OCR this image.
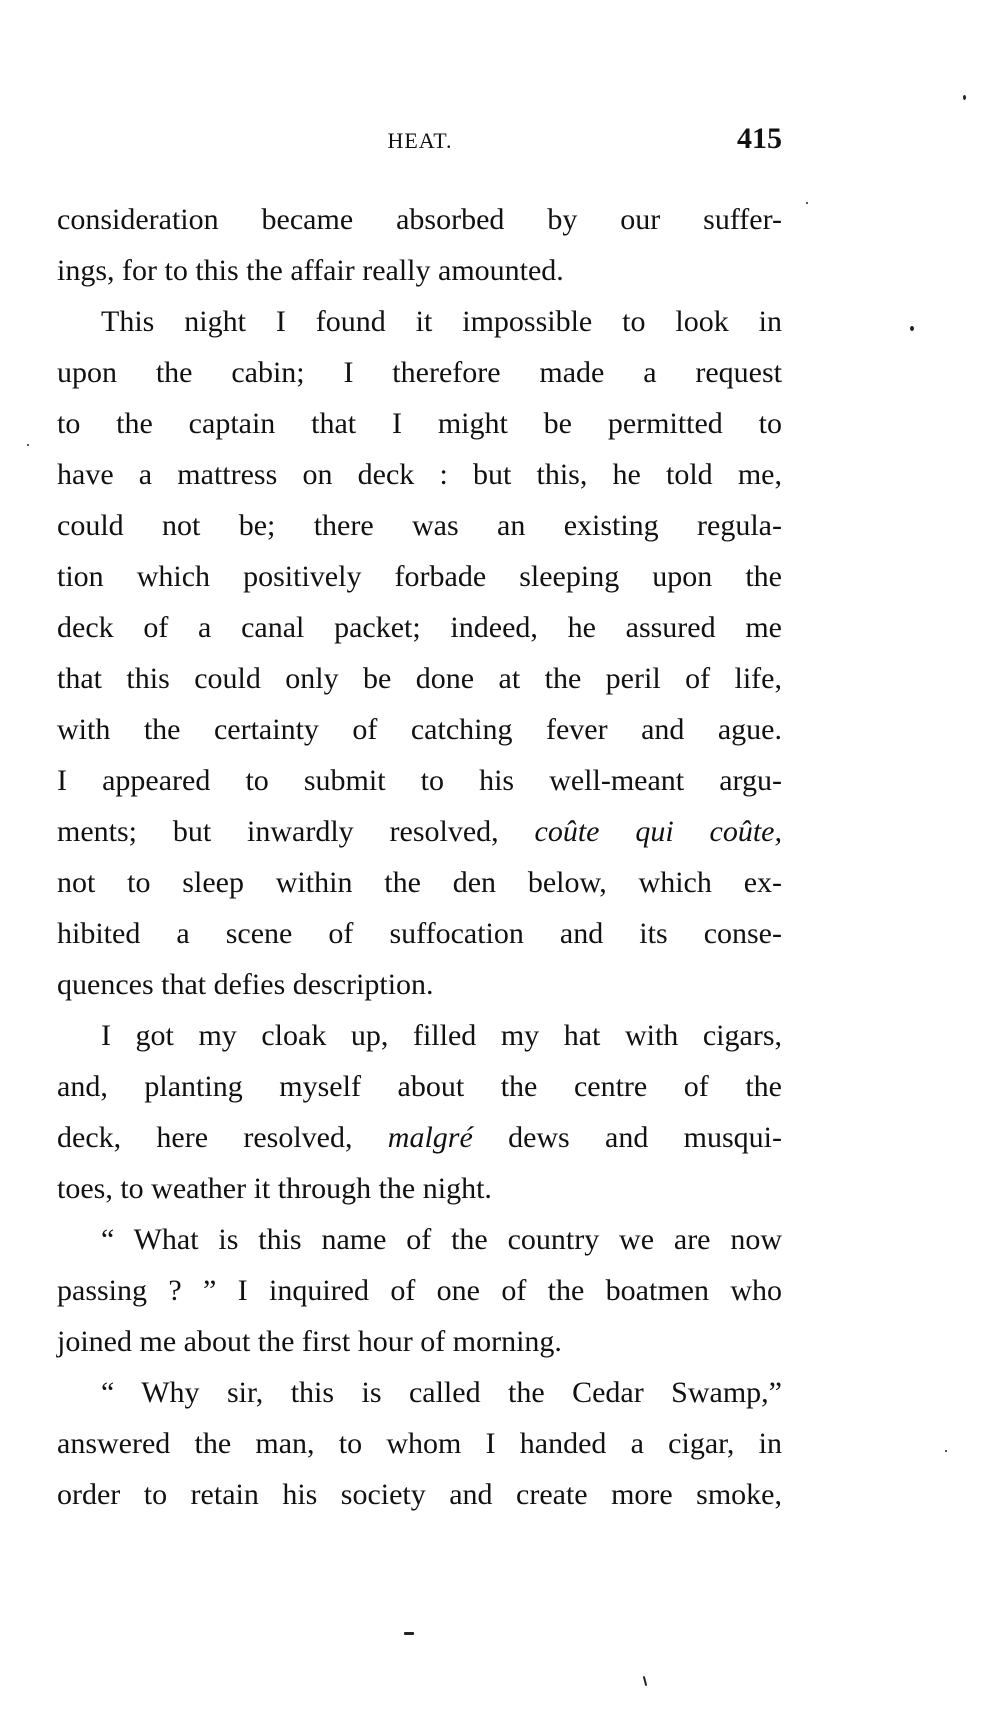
HEAT.	415
consideration became absorbed by our suffer-
ings, for to this the affair really amounted.
This night I found it impossible to look in
upon the cabin; I therefore made a request
to the captain that I might be permitted to
have a mattress on deck : but this, he told me,
could not be; there was an existing regula-
tion which positively forbade sleeping upon the
deck of a canal packet; indeed, he assured me
that this could only be done at the peril of life,
with the certainty of catching fever and ague.
I appeared to submit to his well-meant argu-
ments; but inwardly resolved, coûte qui coûte,
not to sleep within the den below, which ex-
hibited a scene of suffocation and its conse-
quences that defies description.
I got my cloak up, filled my hat with cigars,
and, planting myself about the centre of the
deck, here resolved, malgré dews and musqui-
toes, to weather it through the night.
“ What is this name of the country we are now
passing ? ” I inquired of one of the boatmen who
joined me about the first hour of morning.
“ Why sir, this is called the Cedar Swamp,”
answered the man, to whom I handed a cigar, in
order to retain his society and create more smoke,
